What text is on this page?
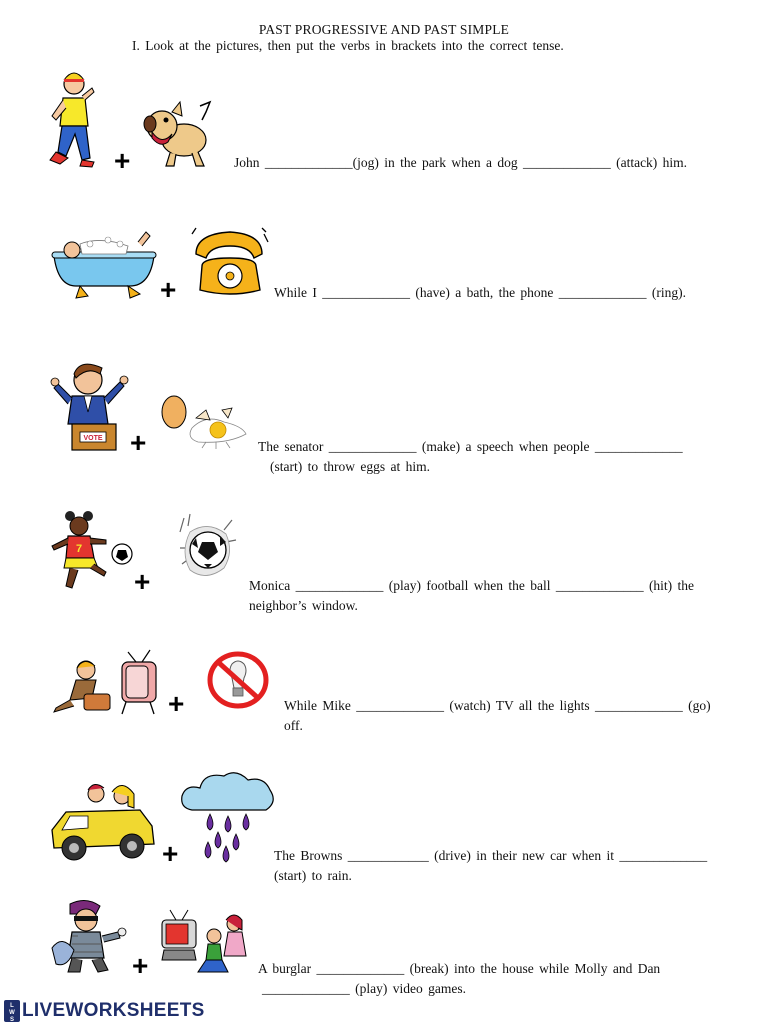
PAST PROGRESSIVE AND PAST SIMPLE
I. Look at the pictures, then put the verbs in brackets into the correct tense.
+	John _____________(jog) in the park when a dog _____________ (attack) him.
+	While I _____________ (have) a bath, the phone _____________ (ring).
VOTE +	The senator _____________ (make) a speech when people _____________
(start) to throw eggs at him.
7
+	Monica _____________ (play) football when the ball _____________ (hit) the
neighbor’s window.
+	While Mike _____________ (watch) TV all the lights _____________ (go)
off.
+	The Browns ____________ (drive) in their new car when it _____________
(start) to rain.
+	A burglar _____________ (break) into the house while Molly and Dan
_____________ (play) video games.
L
W
S LIVEWORKSHEETS
